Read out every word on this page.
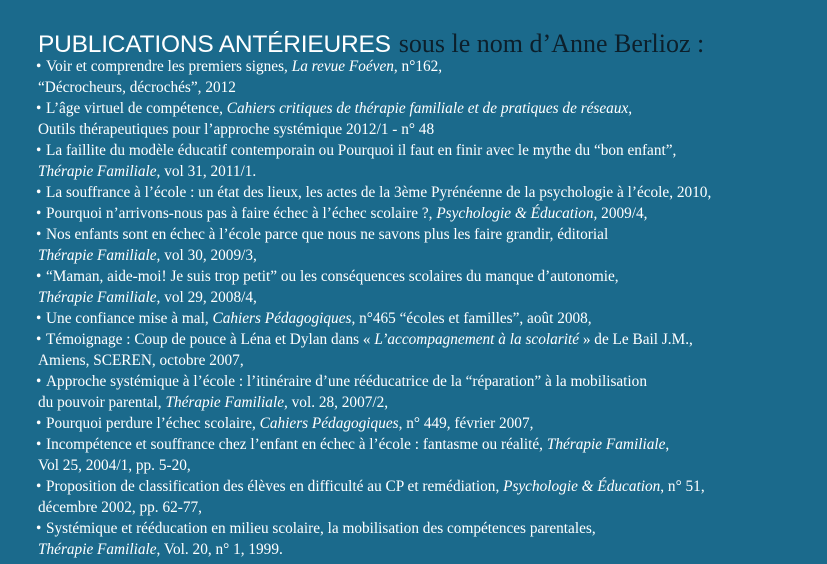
PUBLICATIONS ANTÉRIEURES sous le nom d’Anne Berlioz :
• Voir et comprendre les premiers signes, La revue Foéven, n°162,
“Décrocheurs, décrochés”, 2012
• L’âge virtuel de compétence, Cahiers critiques de thérapie familiale et de pratiques de réseaux,
Outils thérapeutiques pour l’approche systémique 2012/1 - n° 48
• La faillite du modèle éducatif contemporain ou Pourquoi il faut en finir avec le mythe du “bon enfant”,
Thérapie Familiale, vol 31, 2011/1.
• La souffrance à l’école : un état des lieux, les actes de la 3ème Pyrénéenne de la psychologie à l’école, 2010,
• Pourquoi n’arrivons-nous pas à faire échec à l’échec scolaire ?, Psychologie & Éducation, 2009/4,
• Nos enfants sont en échec à l’école parce que nous ne savons plus les faire grandir, éditorial
Thérapie Familiale, vol 30, 2009/3,
• “Maman, aide-moi! Je suis trop petit” ou les conséquences scolaires du manque d’autonomie,
Thérapie Familiale, vol 29, 2008/4,
• Une confiance mise à mal, Cahiers Pédagogiques, n°465 “écoles et familles”, août 2008,
• Témoignage : Coup de pouce à Léna et Dylan dans « L’accompagnement à la scolarité » de Le Bail J.M.,
Amiens, SCEREN, octobre 2007,
• Approche systémique à l’école : l’itinéraire d’une rééducatrice de la “réparation” à la mobilisation
du pouvoir parental, Thérapie Familiale, vol. 28, 2007/2,
• Pourquoi perdure l’échec scolaire, Cahiers Pédagogiques, n° 449, février 2007,
• Incompétence et souffrance chez l’enfant en échec à l’école : fantasme ou réalité, Thérapie Familiale,
Vol 25, 2004/1, pp. 5-20,
• Proposition de classification des élèves en difficulté au CP et remédiation, Psychologie & Éducation, n° 51,
décembre 2002, pp. 62-77,
• Systémique et rééducation en milieu scolaire, la mobilisation des compétences parentales,
Thérapie Familiale, Vol. 20, n° 1, 1999.
